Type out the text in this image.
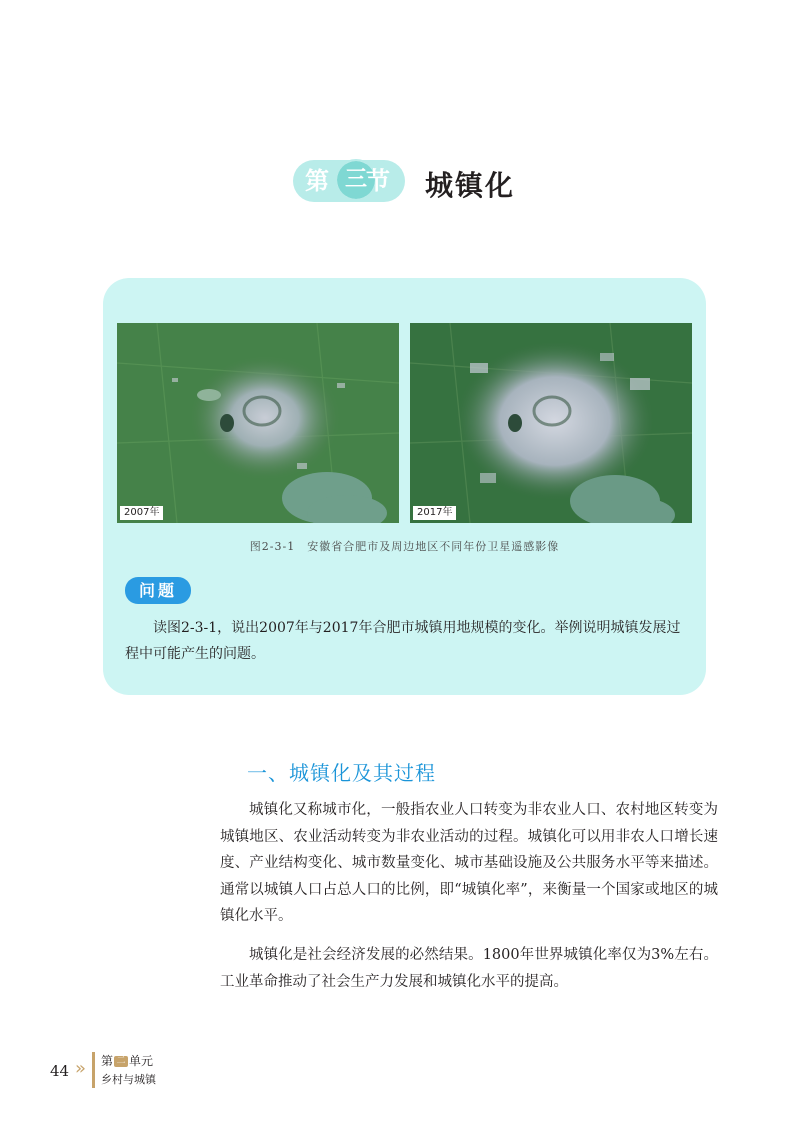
第 三 节 城镇化
2007年	2017年
图2-3-1　安徽省合肥市及周边地区不同年份卫星遥感影像
问题
读图2-3-1，说出2007年与2017年合肥市城镇用地规模的变化。举例说明城镇发展过程中可能产生的问题。
一、城镇化及其过程
城镇化又称城市化，一般指农业人口转变为非农业人口、农村地区转变为城镇地区、农业活动转变为非农业活动的过程。城镇化可以用非农人口增长速度、产业结构变化、城市数量变化、城市基础设施及公共服务水平等来描述。通常以城镇人口占总人口的比例，即“城镇化率”，来衡量一个国家或地区的城镇化水平。
城镇化是社会经济发展的必然结果。1800年世界城镇化率仅为3%左右。工业革命推动了社会生产力发展和城镇化水平的提高。
44 » 第 二 单元
乡村与城镇
